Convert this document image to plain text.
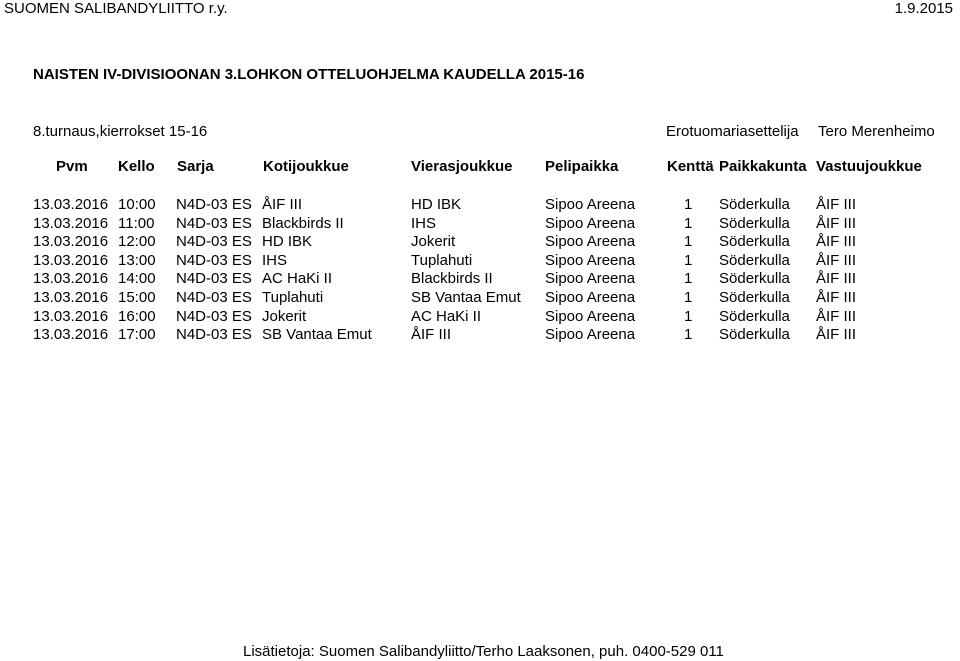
SUOMEN SALIBANDYLIITTO r.y.	1.9.2015
NAISTEN IV-DIVISIOONAN 3.LOHKON OTTELUOHJELMA KAUDELLA 2015-16
8.turnaus,kierrokset 15-16	Erotuomariasettelija Tero Merenheimo
Pvm Kello Sarja	Kotijoukkue	Vierasjoukkue Pelipaikka	Kenttä Paikkakunta Vastuujoukkue
13.03.2016 10:00 N4D-03 ES ÅIF III	HD IBK	Sipoo Areena	1 Söderkulla ÅIF III
13.03.2016 11:00 N4D-03 ES Blackbirds II	IHS	Sipoo Areena	1 Söderkulla ÅIF III
13.03.2016 12:00 N4D-03 ES HD IBK	Jokerit	Sipoo Areena	1 Söderkulla ÅIF III
13.03.2016 13:00 N4D-03 ES IHS	Tuplahuti	Sipoo Areena	1 Söderkulla ÅIF III
13.03.2016 14:00 N4D-03 ES AC HaKi II	Blackbirds II	Sipoo Areena	1 Söderkulla ÅIF III
13.03.2016 15:00 N4D-03 ES Tuplahuti	SB Vantaa Emut Sipoo Areena	1 Söderkulla ÅIF III
13.03.2016 16:00 N4D-03 ES Jokerit	AC HaKi II	Sipoo Areena	1 Söderkulla ÅIF III
13.03.2016 17:00 N4D-03 ES SB Vantaa Emut	ÅIF III	Sipoo Areena	1 Söderkulla ÅIF III
Lisätietoja: Suomen Salibandyliitto/Terho Laaksonen, puh. 0400-529 011
